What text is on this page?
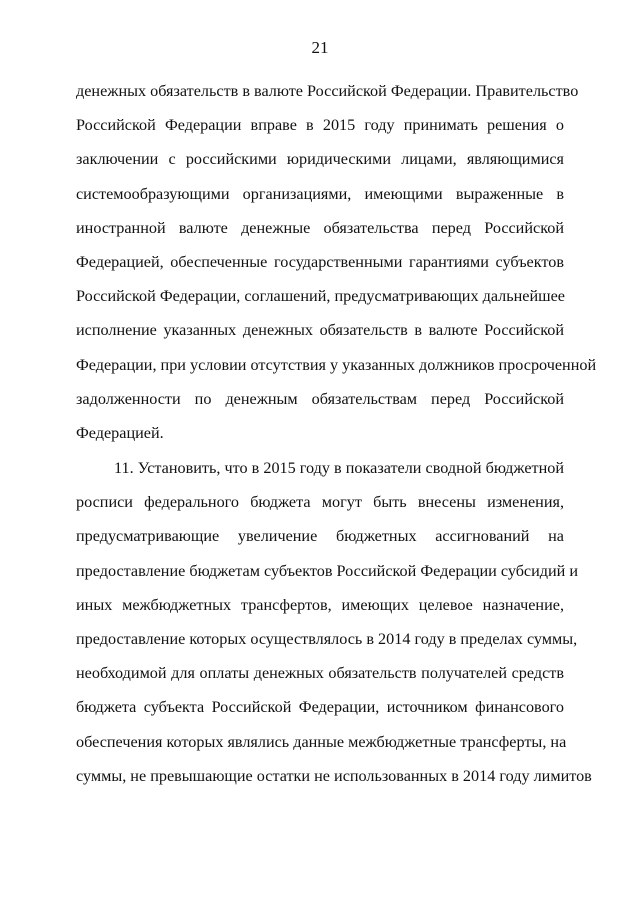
21
денежных обязательств в валюте Российской Федерации. Правительство
Российской Федерации вправе в 2015 году принимать решения о
заключении с российскими юридическими лицами, являющимися
системообразующими организациями, имеющими выраженные в
иностранной валюте денежные обязательства перед Российской
Федерацией, обеспеченные государственными гарантиями субъектов
Российской Федерации, соглашений, предусматривающих дальнейшее
исполнение указанных денежных обязательств в валюте Российской
Федерации, при условии отсутствия у указанных должников просроченной
задолженности по денежным обязательствам перед Российской
Федерацией.
11. Установить, что в 2015 году в показатели сводной бюджетной
росписи федерального бюджета могут быть внесены изменения,
предусматривающие увеличение бюджетных ассигнований на
предоставление бюджетам субъектов Российской Федерации субсидий и
иных межбюджетных трансфертов, имеющих целевое назначение,
предоставление которых осуществлялось в 2014 году в пределах суммы,
необходимой для оплаты денежных обязательств получателей средств
бюджета субъекта Российской Федерации, источником финансового
обеспечения которых являлись данные межбюджетные трансферты, на
суммы, не превышающие остатки не использованных в 2014 году лимитов
